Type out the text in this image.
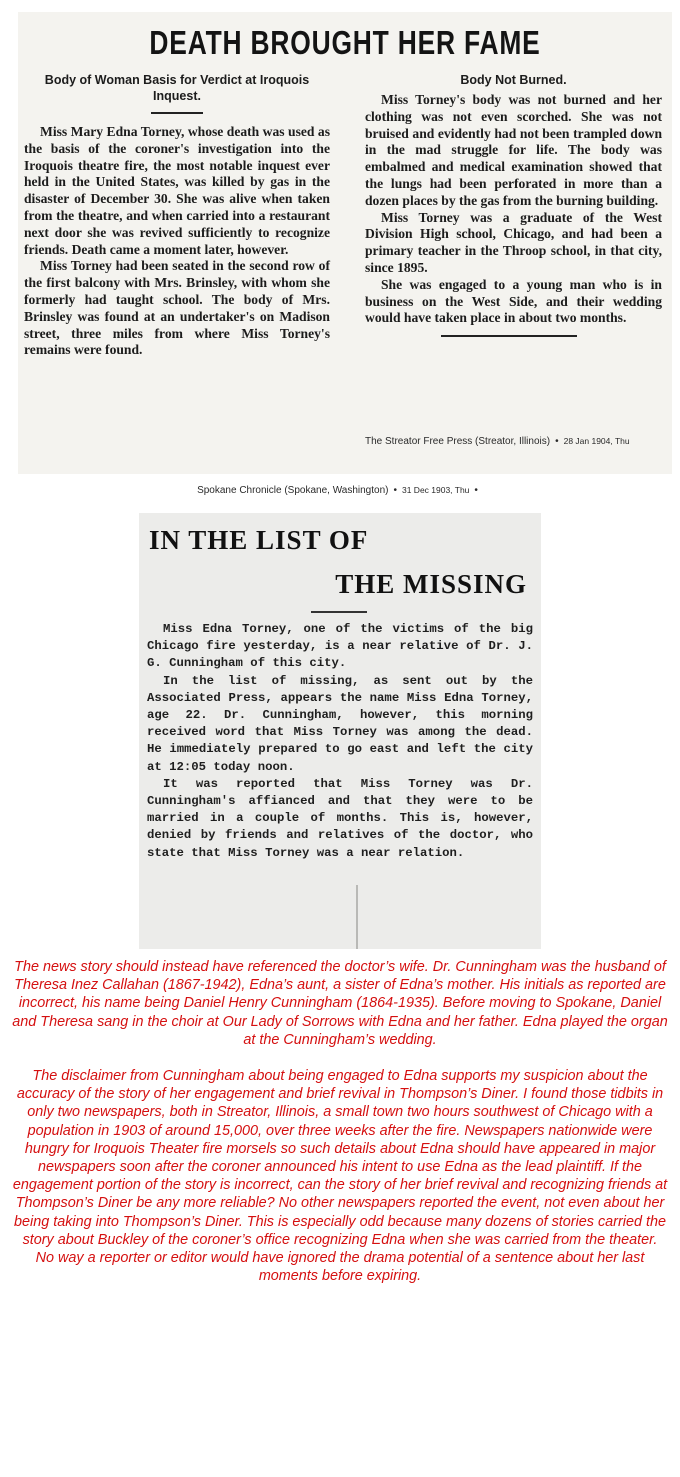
DEATH BROUGHT HER FAME
Body of Woman Basis for Verdict at Iroquois Inquest.

Miss Mary Edna Torney, whose death was used as the basis of the coroner's investigation into the Iroquois theatre fire, the most notable inquest ever held in the United States, was killed by gas in the disaster of December 30. She was alive when taken from the theatre, and when carried into a restaurant next door she was revived sufficiently to recognize friends. Death came a moment later, however.

Miss Torney had been seated in the second row of the first balcony with Mrs. Brinsley, with whom she formerly had taught school. The body of Mrs. Brinsley was found at an undertaker's on Madison street, three miles from where Miss Torney's remains were found.

Body Not Burned.

Miss Torney's body was not burned and her clothing was not even scorched. She was not bruised and evidently had not been trampled down in the mad struggle for life. The body was embalmed and medical examination showed that the lungs had been perforated in more than a dozen places by the gas from the burning building.

Miss Torney was a graduate of the West Division High school, Chicago, and had been a primary teacher in the Throop school, in that city, since 1895.

She was engaged to a young man who is in business on the West Side, and their wedding would have taken place in about two months.

The Streator Free Press (Streator, Illinois) • 28 Jan 1904, Thu
Spokane Chronicle (Spokane, Washington) • 31 Dec 1903, Thu •
IN THE LIST OF
THE MISSING

Miss Edna Torney, one of the victims of the big Chicago fire yesterday, is a near relative of Dr. J. G. Cunningham of this city.

In the list of missing, as sent out by the Associated Press, appears the name Miss Edna Torney, age 22. Dr. Cunningham, however, this morning received word that Miss Torney was among the dead. He immediately prepared to go east and left the city at 12:05 today noon.

It was reported that Miss Torney was Dr. Cunningham's affianced and that they were to be married in a couple of months. This is, however, denied by friends and relatives of the doctor, who state that Miss Torney was a near relation.

The news story should instead have referenced the doctor’s wife. Dr. Cunningham was the husband of Theresa Inez Callahan (1867-1942), Edna’s aunt, a sister of Edna’s mother. His initials as reported are incorrect, his name being Daniel Henry Cunningham (1864-1935). Before moving to Spokane, Daniel and Theresa sang in the choir at Our Lady of Sorrows with Edna and her father. Edna played the organ at the Cunningham’s wedding.

The disclaimer from Cunningham about being engaged to Edna supports my suspicion about the accuracy of the story of her engagement and brief revival in Thompson’s Diner. I found those tidbits in only two newspapers, both in Streator, Illinois, a small town two hours southwest of Chicago with a population in 1903 of around 15,000, over three weeks after the fire. Newspapers nationwide were hungry for Iroquois Theater fire morsels so such details about Edna should have appeared in major newspapers soon after the coroner announced his intent to use Edna as the lead plaintiff. If the engagement portion of the story is incorrect, can the story of her brief revival and recognizing friends at Thompson’s Diner be any more reliable? No other newspapers reported the event, not even about her being taking into Thompson’s Diner. This is especially odd because many dozens of stories carried the story about Buckley of the coroner’s office recognizing Edna when she was carried from the theater. No way a reporter or editor would have ignored the drama potential of a sentence about her last moments before expiring.
